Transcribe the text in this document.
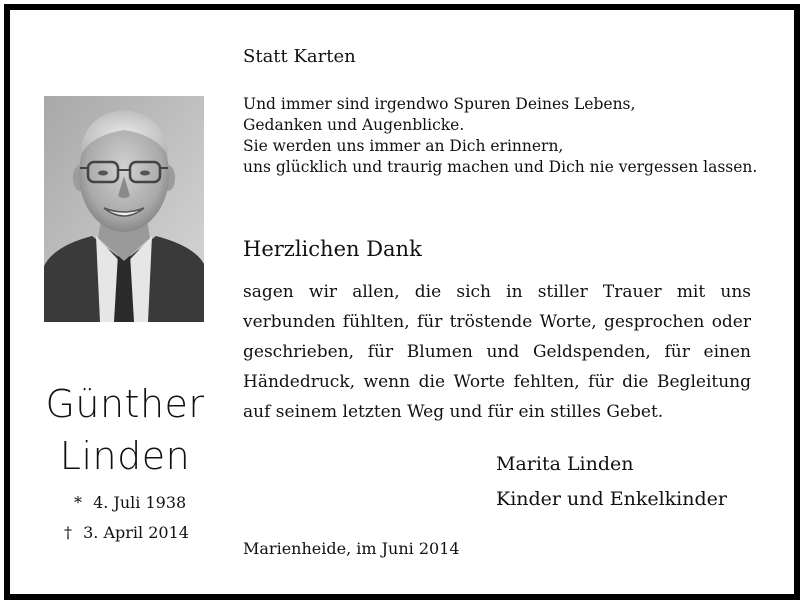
Günther
Linden
* 4. Juli 1938
† 3. April 2014
Statt Karten
Und immer sind irgendwo Spuren Deines Lebens,
Gedanken und Augenblicke.
Sie werden uns immer an Dich erinnern,
uns glücklich und traurig machen und Dich nie vergessen lassen.
Herzlichen Dank
sagen wir allen, die sich in stiller Trauer mit uns
verbunden fühlten, für tröstende Worte, gesprochen oder
geschrieben, für Blumen und Geldspenden, für einen
Händedruck, wenn die Worte fehlten, für die Begleitung
auf seinem letzten Weg und für ein stilles Gebet.
Marita Linden
Kinder und Enkelkinder
Marienheide, im Juni 2014
